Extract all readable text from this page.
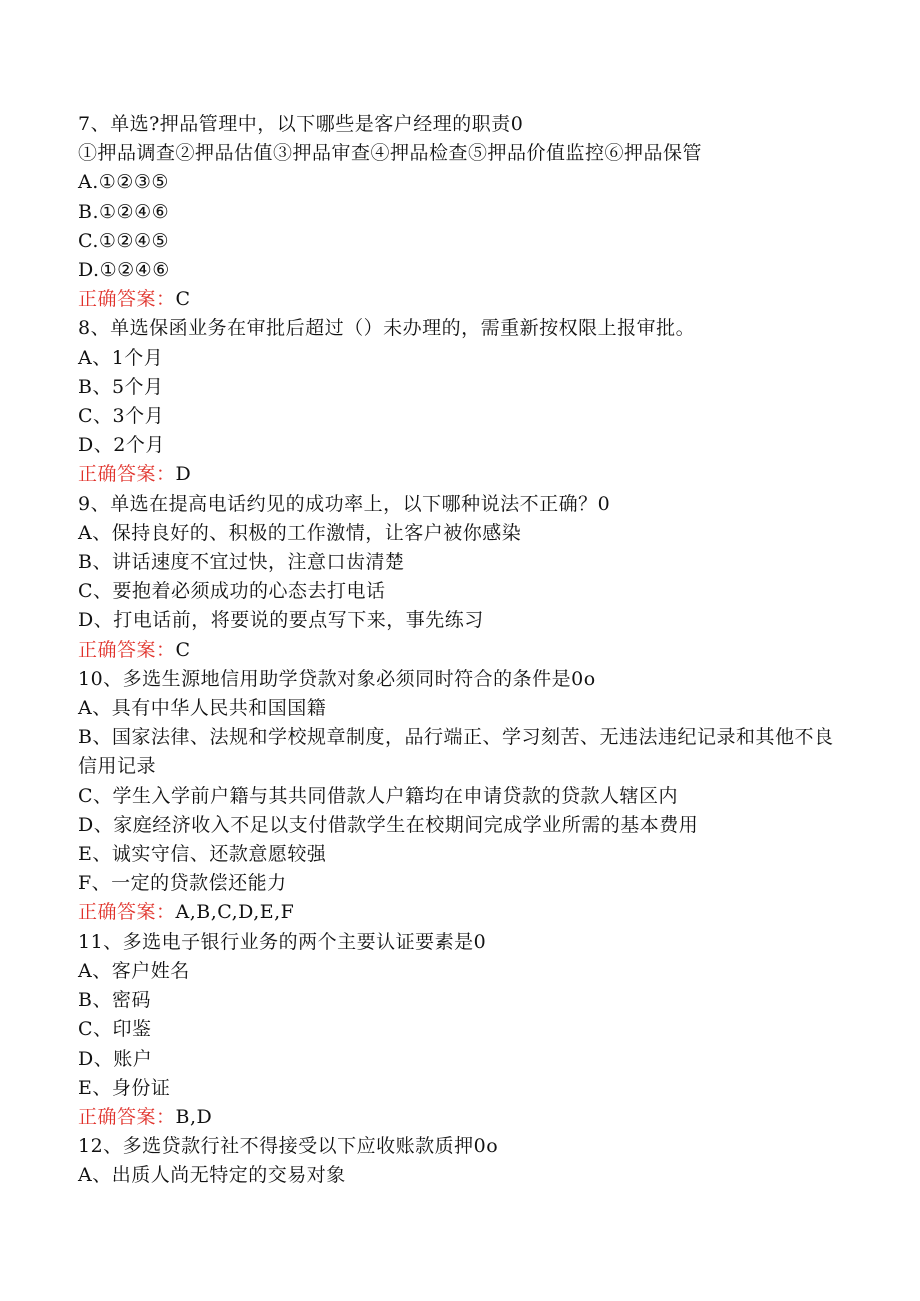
7、单选?押品管理中，以下哪些是客户经理的职责0
①押品调查②押品估值③押品审查④押品检查⑤押品价值监控⑥押品保管
A.①②③⑤
B.①②④⑥
C.①②④⑤
D.①②④⑥
正确答案：C
8、单选保函业务在审批后超过（）未办理的，需重新按权限上报审批。
A、1个月
B、5个月
C、3个月
D、2个月
正确答案：D
9、单选在提高电话约见的成功率上，以下哪种说法不正确？0
A、保持良好的、积极的工作激情，让客户被你感染
B、讲话速度不宜过快，注意口齿清楚
C、要抱着必须成功的心态去打电话
D、打电话前，将要说的要点写下来，事先练习
正确答案：C
10、多选生源地信用助学贷款对象必须同时符合的条件是0o
A、具有中华人民共和国国籍
B、国家法律、法规和学校规章制度，品行端正、学习刻苦、无违法违纪记录和其他不良信用记录
C、学生入学前户籍与其共同借款人户籍均在申请贷款的贷款人辖区内
D、家庭经济收入不足以支付借款学生在校期间完成学业所需的基本费用
E、诚实守信、还款意愿较强
F、一定的贷款偿还能力
正确答案：A,B,C,D,E,F
11、多选电子银行业务的两个主要认证要素是0
A、客户姓名
B、密码
C、印鉴
D、账户
E、身份证
正确答案：B,D
12、多选贷款行社不得接受以下应收账款质押0o
A、出质人尚无特定的交易对象
